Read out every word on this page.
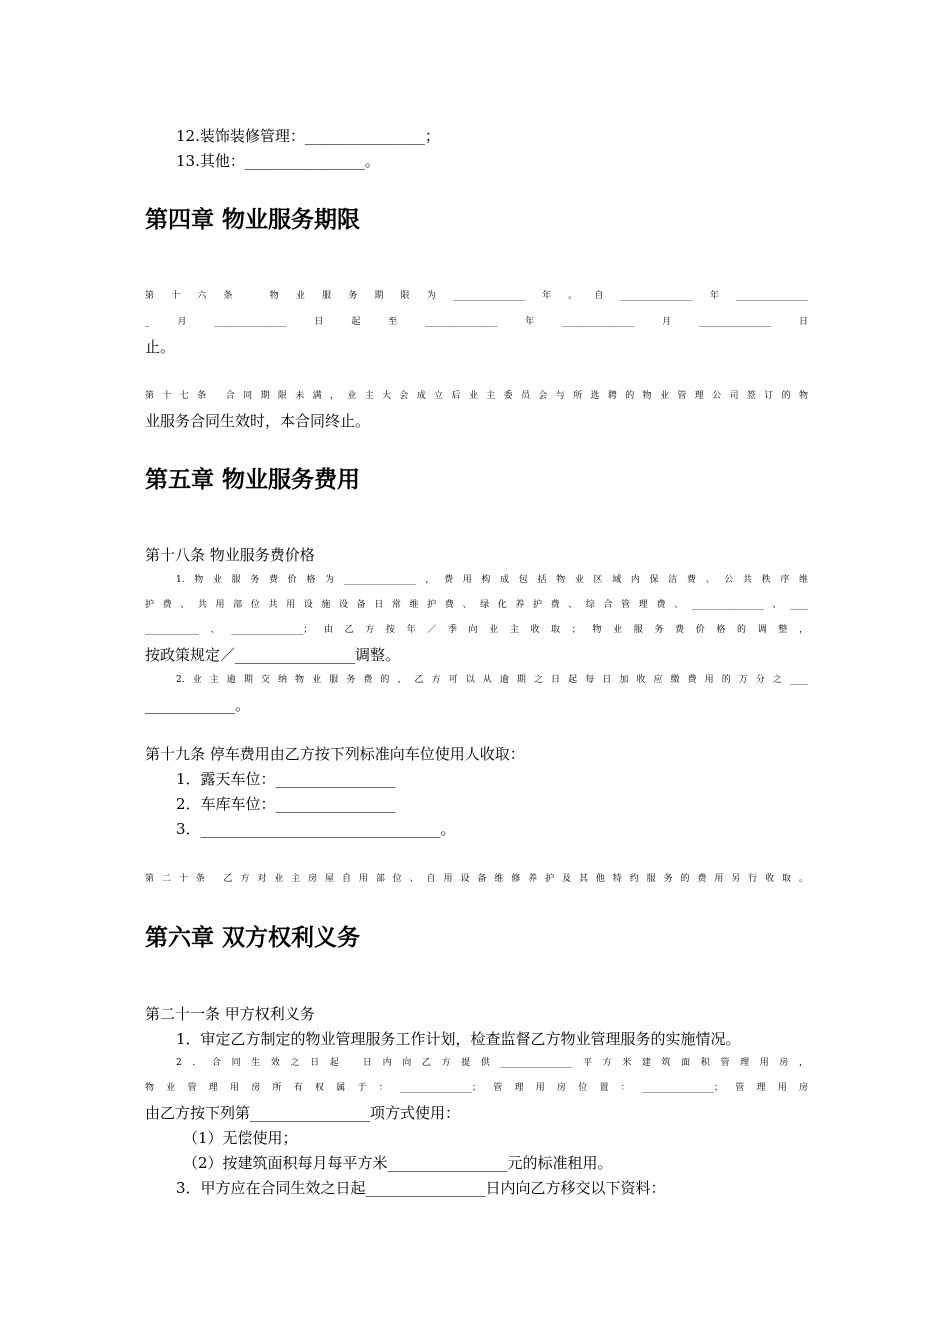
12.装饰装修管理：________________；
13.其他：________________。
第四章 物业服务期限
第十六条 物业服务期限为________________年。自________________年________________
_月________________日起至________________年________________月________________日
止。
第十七条 合同期限未满，业主大会成立后业主委员会与所选聘的物业管理公司签订的物
业服务合同生效时，本合同终止。
第五章 物业服务费用
第十八条 物业服务费价格
1.物业服务费价格为________________，费用构成包括物业区域内保洁费、公共秩序维
护费、共用部位共用设施设备日常维护费、绿化养护费、综合管理费、________________、____
____________、________________；由乙方按年／季向业主收取；物业服务费价格的调整，
按政策规定／________________调整。
2.业主逾期交纳物业服务费的，乙方可以从逾期之日起每日加收应缴费用的万分之____
____________。
第十九条 停车费用由乙方按下列标准向车位使用人收取：
1．露天车位：________________
2．车库车位：________________
3．________________________________。
第二十条 乙方对业主房屋自用部位、自用设备维修养护及其他特约服务的费用另行收取。
第六章 双方权利义务
第二十一条 甲方权利义务
1．审定乙方制定的物业管理服务工作计划，检查监督乙方物业管理服务的实施情况。
2．合同生效之日起 日内向乙方提供________________平方米建筑面积管理用房，
物业管理用房所有权属于：________________；管理用房位置：________________；管理用房
由乙方按下列第________________项方式使用：
（1）无偿使用；
（2）按建筑面积每月每平方米________________元的标准租用。
3．甲方应在合同生效之日起________________日内向乙方移交以下资料：
